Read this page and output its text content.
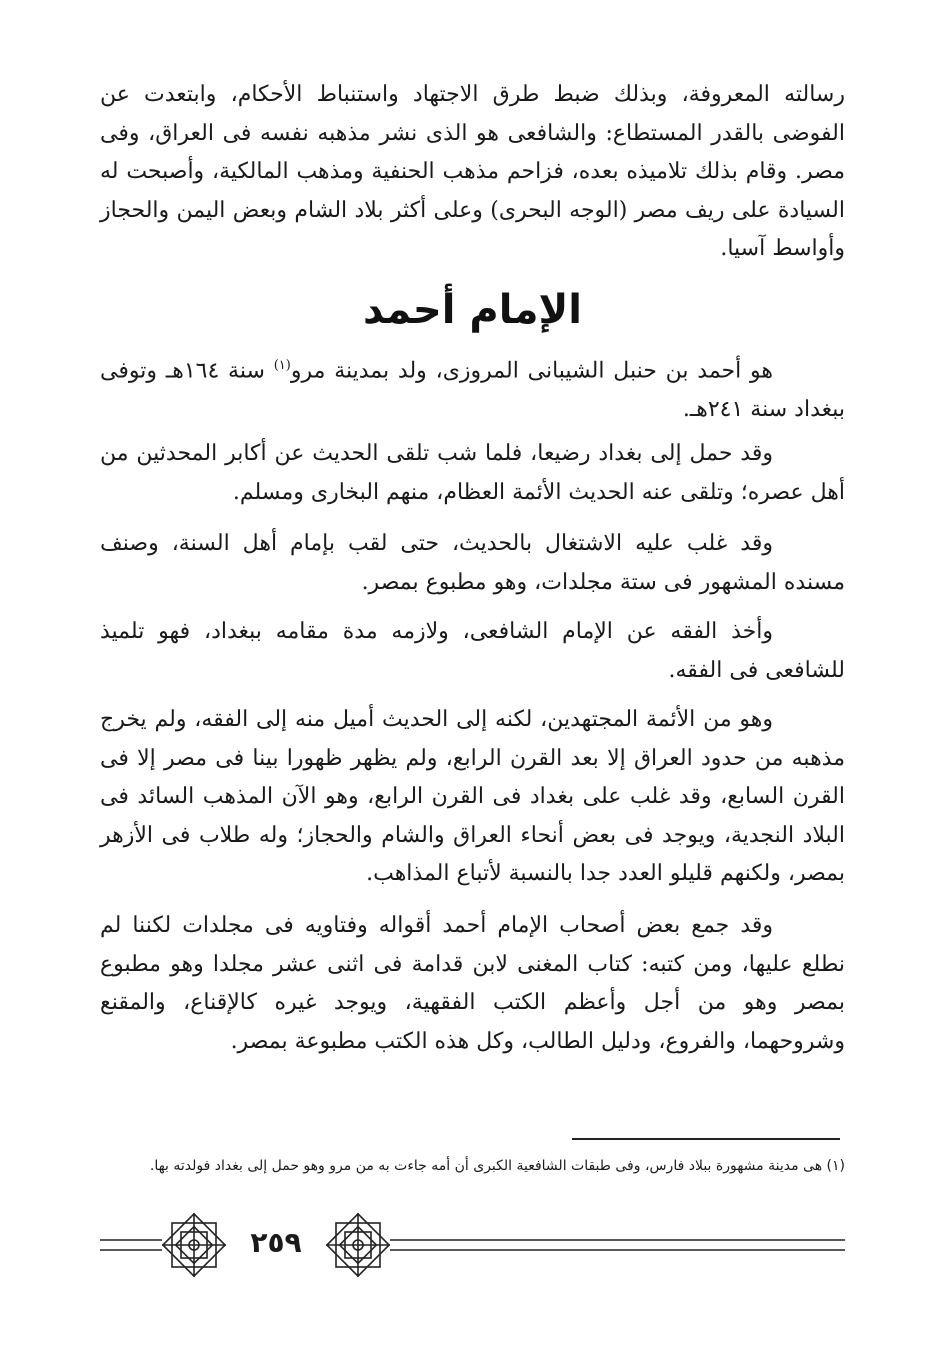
رسالته المعروفة، وبذلك ضبط طرق الاجتهاد واستنباط الأحكام، وابتعدت عن الفوضى بالقدر المستطاع: والشافعى هو الذى نشر مذهبه نفسه فى العراق، وفى مصر. وقام بذلك تلاميذه بعده، فزاحم مذهب الحنفية ومذهب المالكية، وأصبحت له السيادة على ريف مصر (الوجه البحرى) وعلى أكثر بلاد الشام وبعض اليمن والحجاز وأواسط آسيا.

الإمام أحمد
هو أحمد بن حنبل الشيبانى المروزى، ولد بمدينة مرو$^{(١)}$ سنة ١٦٤هـ وتوفى ببغداد سنة ٢٤١هـ.

وقد حمل إلى بغداد رضيعا، فلما شب تلقى الحديث عن أكابر المحدثين من أهل عصره؛ وتلقى عنه الحديث الأئمة العظام، منهم البخارى ومسلم.

وقد غلب عليه الاشتغال بالحديث، حتى لقب بإمام أهل السنة، وصنف مسنده المشهور فى ستة مجلدات، وهو مطبوع بمصر.

وأخذ الفقه عن الإمام الشافعى، ولازمه مدة مقامه ببغداد، فهو تلميذ للشافعى فى الفقه.

وهو من الأئمة المجتهدين، لكنه إلى الحديث أميل منه إلى الفقه، ولم يخرج مذهبه من حدود العراق إلا بعد القرن الرابع، ولم يظهر ظهورا بينا فى مصر إلا فى القرن السابع، وقد غلب على بغداد فى القرن الرابع، وهو الآن المذهب السائد فى البلاد النجدية، ويوجد فى بعض أنحاء العراق والشام والحجاز؛ وله طلاب فى الأزهر بمصر، ولكنهم قليلو العدد جدا بالنسبة لأتباع المذاهب.

وقد جمع بعض أصحاب الإمام أحمد أقواله وفتاويه فى مجلدات لكننا لم نطلع عليها، ومن كتبه: كتاب المغنى لابن قدامة فى اثنى عشر مجلدا وهو مطبوع بمصر وهو من أجل وأعظم الكتب الفقهية، ويوجد غيره كالإقناع، والمقنع وشروحهما، والفروع، ودليل الطالب، وكل هذه الكتب مطبوعة بمصر.

(١) هى مدينة مشهورة ببلاد فارس، وفى طبقات الشافعية الكبرى أن أمه جاءت به من مرو وهو حمل إلى بغداد فولدته بها.
٢٥٩
